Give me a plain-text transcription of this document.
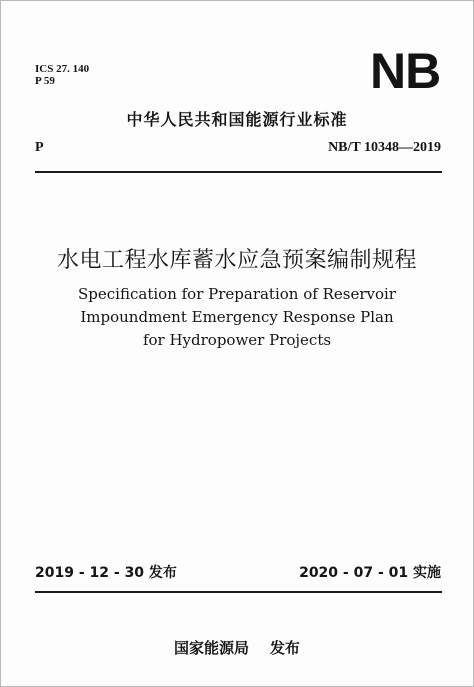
ICS 27. 140
P 59	NB
中华人民共和国能源行业标准
P	NB/T 10348—2019
水电工程水库蓄水应急预案编制规程
Specification for Preparation of Reservoir
Impoundment Emergency Response Plan
for Hydropower Projects
2019 - 12 - 30 发布	2020 - 07 - 01 实施
国家能源局    发布
